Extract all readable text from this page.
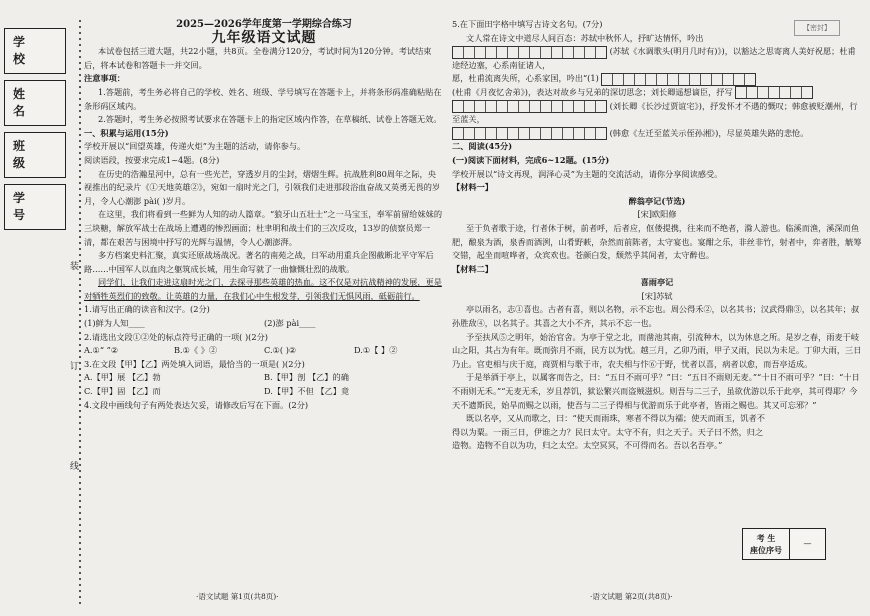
学 校
姓 名
班 级
学 号
装
订
线
2025—2026学年度第一学期综合练习
九年级语文试题

本试卷包括三道大题，共22小题，共8页。全卷满分120分，考试时间为120分钟。考试结束后，将本试卷和答题卡一并交回。

注意事项：

1.答题前，考生务必将自己的学校、姓名、班级、学号填写在答题卡上，并将条形码准确粘贴在条形码区域内。

2.答题时，考生务必按照考试要求在答题卡上的指定区域内作答，在草稿纸、试卷上答题无效。

一、积累与运用(15分)

学校开展以“回望英雄，传递火炬”为主题的活动，请你参与。

阅读语段，按要求完成1~4题。(8分)

在历史的浩瀚星河中，总有一些光芒，穿透岁月的尘封，熠熠生辉。抗战胜利80周年之际，央视推出的纪录片《①天地英雄②》，宛如一扇时光之门，引领我们走进那段浴血奋战又英勇无畏的岁月，令人心潮澎 pài( )岁月。

在这里，我们将看到一些鲜为人知的动人篇章。“狼牙山五壮士”之一马宝玉，奉军前留给妹妹的三块糖，解放军战士在战场上遭遇的惨烈画面；杜聿明和战士们的三次反攻，13岁的侦察员郑一清，都在艰苦与困境中抒写的光辉与温情，令人心潮澎湃。

多方档案史料汇聚，真实还原战场战况。著名的南苑之战，日军动用重兵企图截断北平守军后路……中国军人以血肉之躯筑成长城，用生命写就了一曲慷慨壮烈的战歌。

同学们，让我们走进这扇时光之门，去探寻那些英雄的热血。这不仅是对抗战精神的发展，更是对牺牲英烈们的致敬。让英雄的力量，在我们心中生根发芽，引领我们无惧风雨，砥砺前行。

1.请写出正确的读音和汉字。(2分)

(1)鲜为人知____	(2)澎 pài____

2.请选出文段①②处的标点符号正确的一项( )(2分)

A.①“ ”②	B.①《 》②	C.①( )②	D.①【 】②

3.在文段【甲】【乙】两处填入词语，最恰当的一项是( )(2分)

A.【甲】展 【乙】勃	B.【甲】剖 【乙】的确
C.【甲】固 【乙】而	D.【甲】不但 【乙】竟

4.文段中画线句子有两处表达欠妥，请修改后写在下面。(2分)

·语文试题 第1页(共8页)·
【密封】

5.在下面田字格中填写古诗文名句。(7分)

文人常在诗文中道尽人间百态：苏轼中秋怀人，抒旷达情怀，吟出

(苏轼《水调歌头(明月几时有)》)，以豁达之思寄离人美好祝愿；杜甫途经边塞，心系南征诸人，

愿，杜甫流离失所，心系家国，吟出“(1)

(杜甫《月夜忆舍弟》)，表达对故乡与兄弟的深切思念；刘长卿遥想谪臣，抒写

(刘长卿《长沙过贾谊宅》)，抒发怀才不遇的慨叹；韩愈被贬潮州，行至蓝关，

(韩愈《左迁至蓝关示侄孙湘》)，尽显英雄失路的悲怆。

二、阅读(45分)

(一)阅读下面材料，完成6~12题。(15分)

学校开展以“诗文再现，润泽心灵”为主题的交流活动，请你分享阅读感受。

【材料一】

醉翁亭记(节选)
[宋]欧阳修

至于负者歌于途，行者休于树，前者呼，后者应，伛偻提携，往来而不绝者，滁人游也。临溪而渔，溪深而鱼肥，酿泉为酒，泉香而酒洌，山肴野蔌，杂然而前陈者，太守宴也。宴酣之乐，非丝非竹，射者中，弈者胜，觥筹交错，起坐而喧哗者，众宾欢也。苍颜白发，颓然乎其间者，太守醉也。

【材料二】

喜雨亭记
[宋]苏轼

亭以雨名，志①喜也。古者有喜，则以名物，示不忘也。周公得禾②，以名其书；汉武得鼎③，以名其年；叔孙胜敌④，以名其子。其喜之大小不齐，其示不忘一也。

予至扶风⑤之明年，始治官舍。为亭于堂之北，而凿池其南，引流种木，以为休息之所。是岁之春，雨麦于岐山之阳，其占为有年。既而弥月不雨，民方以为忧。越三月，乙卯乃雨，甲子又雨，民以为未足。丁卯大雨，三日乃止。官吏相与庆于庭，商贾相与歌于市，农夫相与忭⑥于野，忧者以喜，病者以愈，而吾亭适成。

于是举酒于亭上，以属客而告之，曰：“五日不雨可乎？”曰：“五日不雨则无麦。”“十日不雨可乎？”曰：“十日不雨则无禾。”“无麦无禾，岁且荐饥，狱讼繁兴而盗贼滋炽。则吾与二三子，虽欲优游以乐于此亭，其可得耶？今天不遗斯民，始旱而赐之以雨，使吾与二三子得相与优游而乐于此亭者，皆雨之赐也。其又可忘邪？”

既以名亭，又从而歌之，曰：“使天而雨珠，寒者不得以为襦；使天而雨玉，饥者不得以为粟。一雨三日，伊谁之力？民曰太守。太守不有，归之天子。天子曰不然，归之造物。造物不自以为功，归之太空。太空冥冥，不可得而名。吾以名吾亭。”

考 生
座位序号
—
·语文试题 第2页(共8页)·
